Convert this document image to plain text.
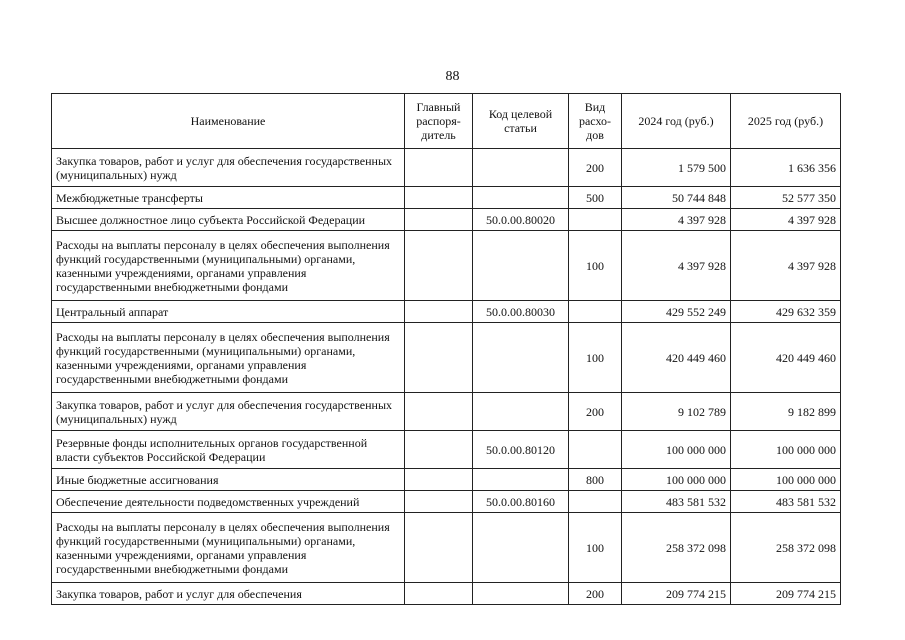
88
Наименование	Главный распоря-дитель	Код целевой статьи	Вид расхо-дов	2024 год (руб.)	2025 год (руб.)
Закупка товаров, работ и услуг для обеспечения государственных (муниципальных) нужд			200	1 579 500	1 636 356
Межбюджетные трансферты			500	50 744 848	52 577 350
Высшее должностное лицо субъекта Российской Федерации		50.0.00.80020		4 397 928	4 397 928
Расходы на выплаты персоналу в целях обеспечения выполнения функций государственными (муниципальными) органами, казенными учреждениями, органами управления государственными внебюджетными фондами			100	4 397 928	4 397 928
Центральный аппарат		50.0.00.80030		429 552 249	429 632 359
Расходы на выплаты персоналу в целях обеспечения выполнения функций государственными (муниципальными) органами, казенными учреждениями, органами управления государственными внебюджетными фондами			100	420 449 460	420 449 460
Закупка товаров, работ и услуг для обеспечения государственных (муниципальных) нужд			200	9 102 789	9 182 899
Резервные фонды исполнительных органов государственной власти субъектов Российской Федерации		50.0.00.80120		100 000 000	100 000 000
Иные бюджетные ассигнования			800	100 000 000	100 000 000
Обеспечение деятельности подведомственных учреждений		50.0.00.80160		483 581 532	483 581 532
Расходы на выплаты персоналу в целях обеспечения выполнения функций государственными (муниципальными) органами, казенными учреждениями, органами управления государственными внебюджетными фондами			100	258 372 098	258 372 098
Закупка товаров, работ и услуг для обеспечения			200	209 774 215	209 774 215
